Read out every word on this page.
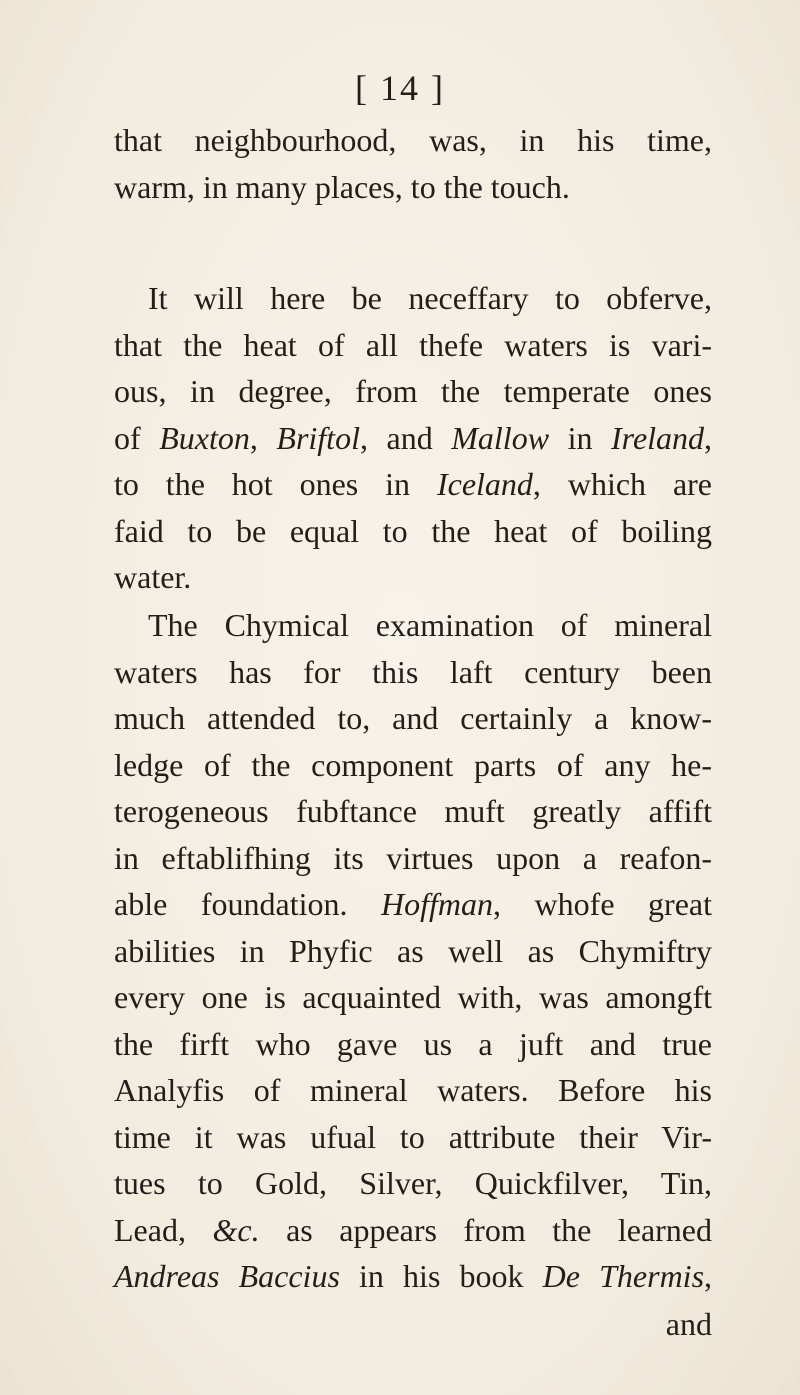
[ 14 ]
that neighbourhood, was, in his time,
warm, in many places, to the touch.
It will here be neceffary to obferve,
that the heat of all thefe waters is vari-
ous, in degree, from the temperate ones
of Buxton, Briftol, and Mallow in Ireland,
to the hot ones in Iceland, which are
faid to be equal to the heat of boiling
water.
The Chymical examination of mineral
waters has for this laft century been
much attended to, and certainly a know-
ledge of the component parts of any he-
terogeneous fubftance muft greatly affift
in eftablifhing its virtues upon a reafon-
able foundation. Hoffman, whofe great
abilities in Phyfic as well as Chymiftry
every one is acquainted with, was amongft
the firft who gave us a juft and true
Analyfis of mineral waters. Before his
time it was ufual to attribute their Vir-
tues to Gold, Silver, Quickfilver, Tin,
Lead, &c. as appears from the learned
Andreas Baccius in his book De Thermis,
and
